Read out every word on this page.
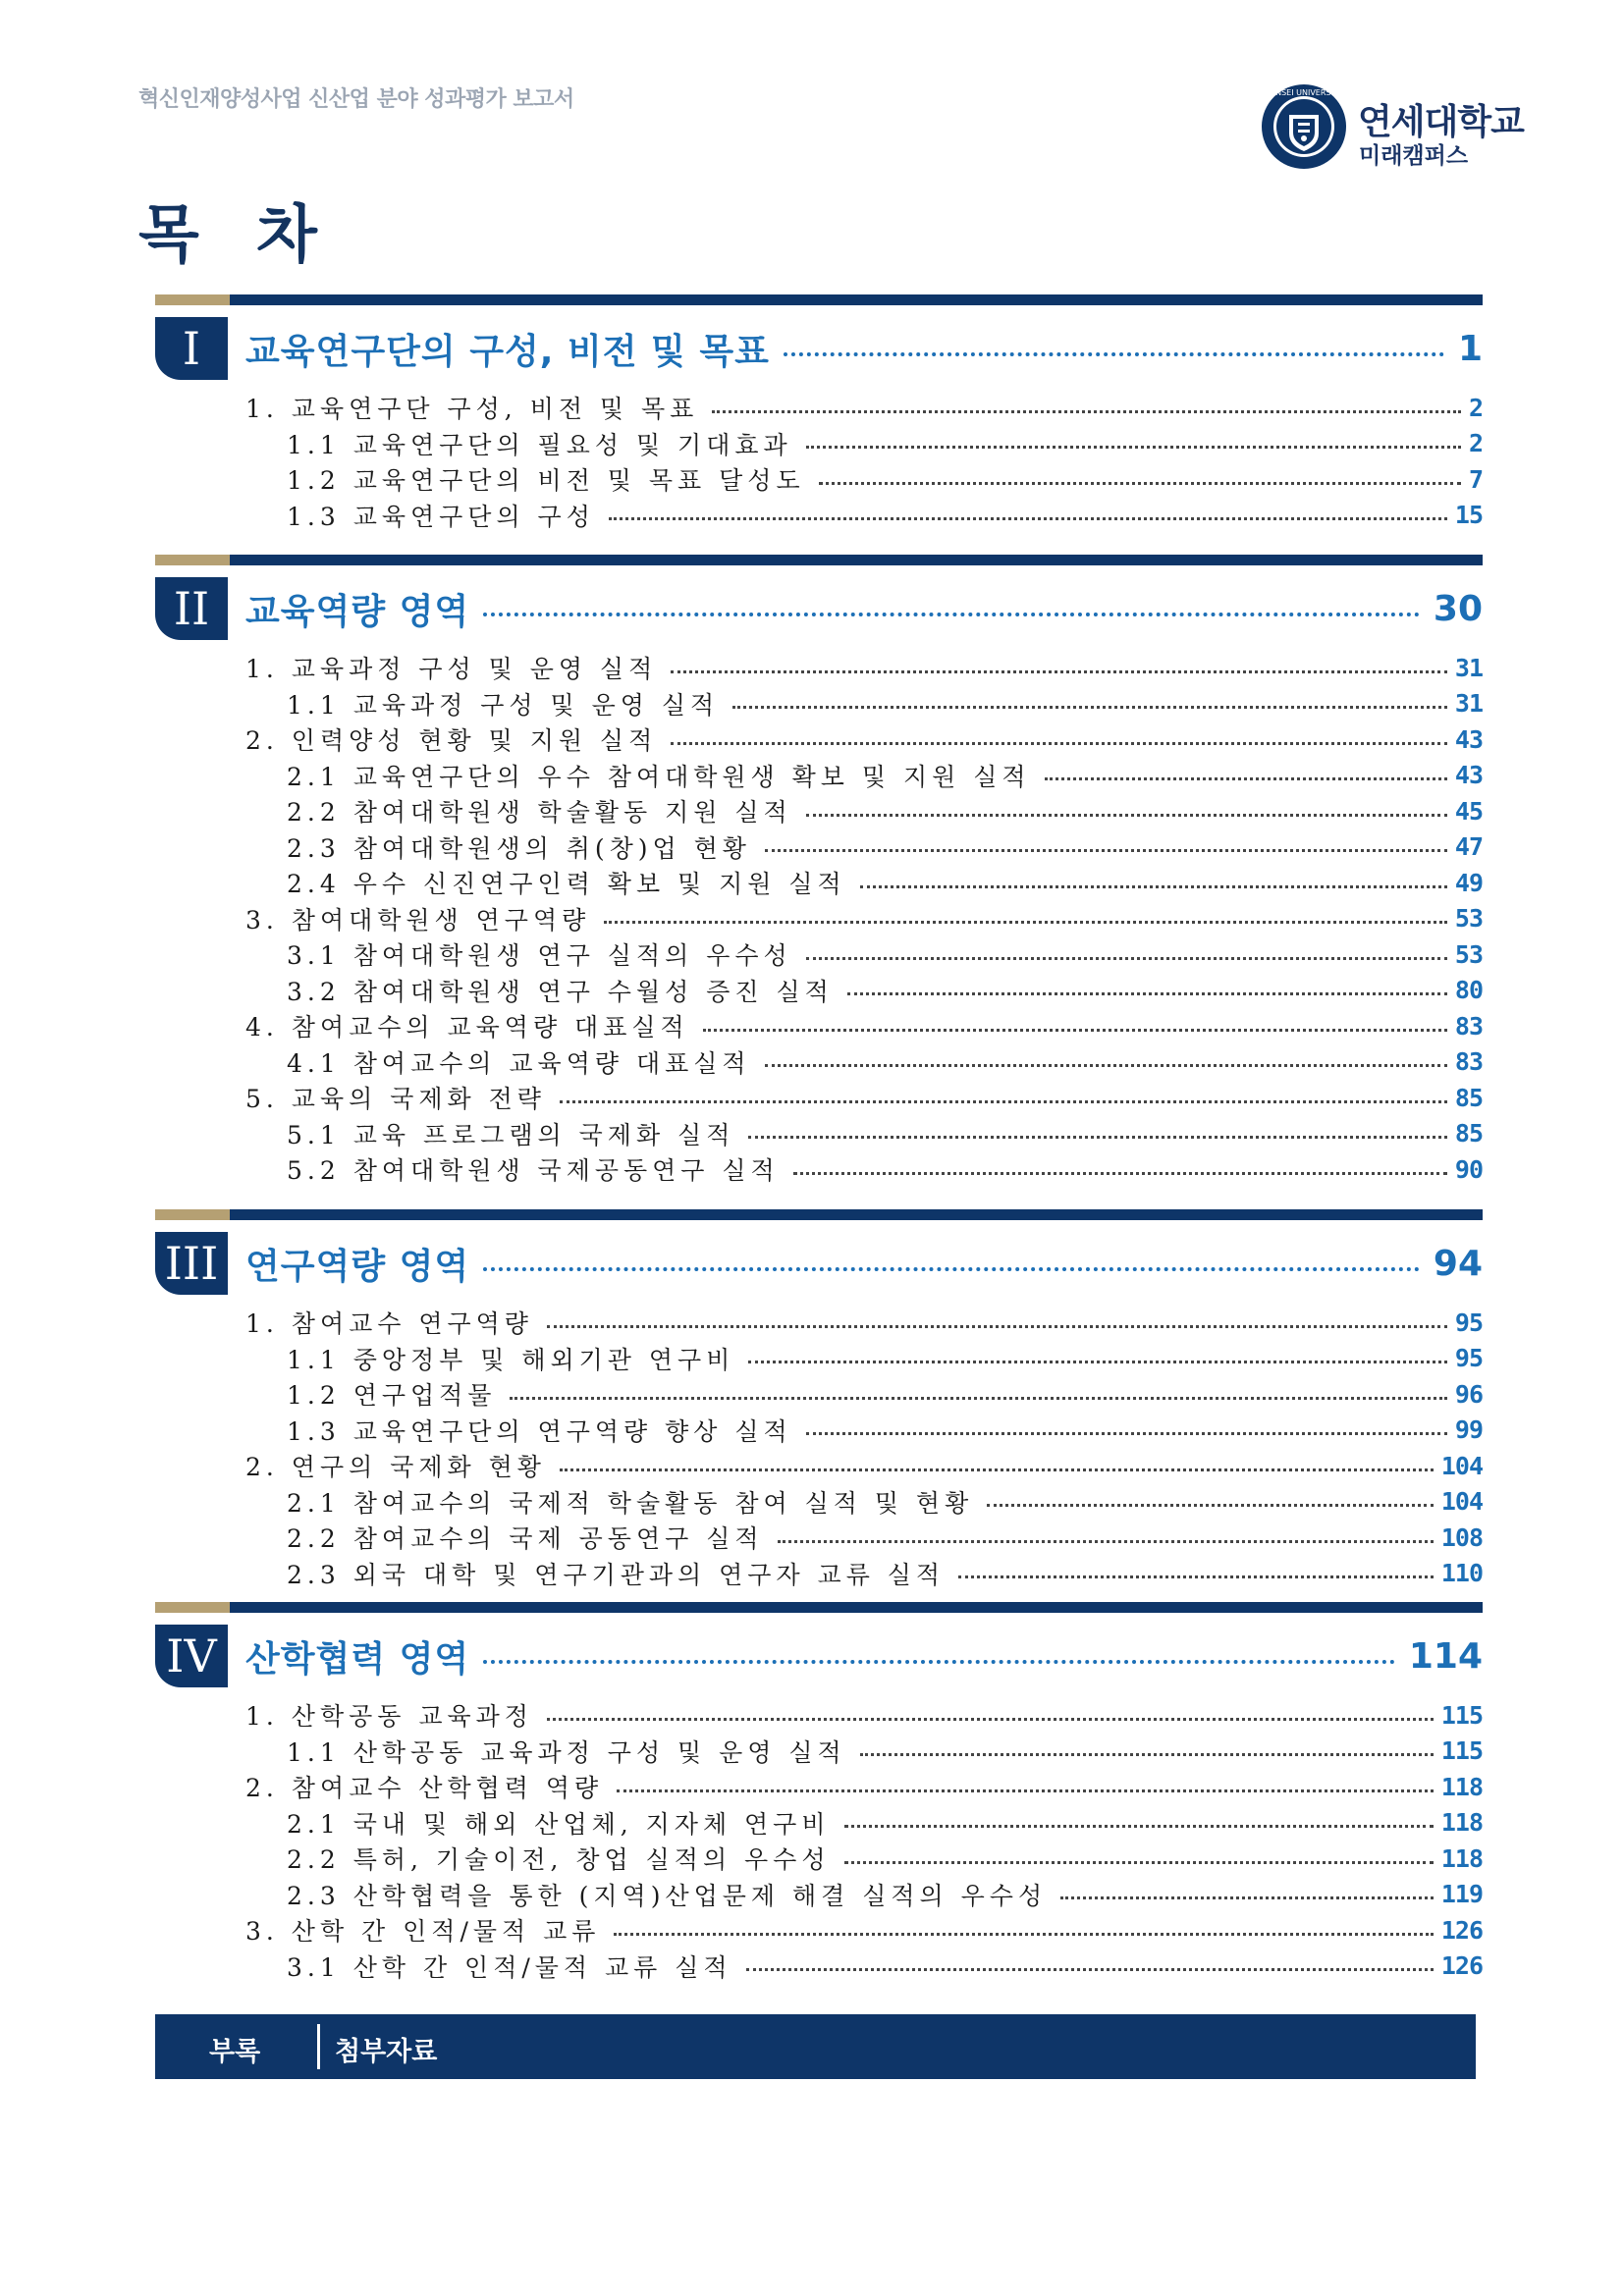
혁신인재양성사업 신산업 분야 성과평가 보고서	YONSEI UNIVERSITY
연세대학교
미래캠퍼스
목 차
I	교육연구단의 구성, 비전 및 목표	1
1. 교육연구단 구성, 비전 및 목표	2
1.1 교육연구단의 필요성 및 기대효과	2
1.2 교육연구단의 비전 및 목표 달성도	7
1.3 교육연구단의 구성	15
II	교육역량 영역	30
1. 교육과정 구성 및 운영 실적	31
1.1 교육과정 구성 및 운영 실적	31
2. 인력양성 현황 및 지원 실적	43
2.1 교육연구단의 우수 참여대학원생 확보 및 지원 실적	43
2.2 참여대학원생 학술활동 지원 실적	45
2.3 참여대학원생의 취(창)업 현황	47
2.4 우수 신진연구인력 확보 및 지원 실적	49
3. 참여대학원생 연구역량	53
3.1 참여대학원생 연구 실적의 우수성	53
3.2 참여대학원생 연구 수월성 증진 실적	80
4. 참여교수의 교육역량 대표실적	83
4.1 참여교수의 교육역량 대표실적	83
5. 교육의 국제화 전략	85
5.1 교육 프로그램의 국제화 실적	85
5.2 참여대학원생 국제공동연구 실적	90
III 연구역량 영역	94
1. 참여교수 연구역량	95
1.1 중앙정부 및 해외기관 연구비	95
1.2 연구업적물	96
1.3 교육연구단의 연구역량 향상 실적	99
2. 연구의 국제화 현황	104
2.1 참여교수의 국제적 학술활동 참여 실적 및 현황	104
2.2 참여교수의 국제 공동연구 실적	108
2.3 외국 대학 및 연구기관과의 연구자 교류 실적	110
IV 산학협력 영역	114
1. 산학공동 교육과정	115
1.1 산학공동 교육과정 구성 및 운영 실적	115
2. 참여교수 산학협력 역량	118
2.1 국내 및 해외 산업체, 지자체 연구비	118
2.2 특허, 기술이전, 창업 실적의 우수성	118
2.3 산학협력을 통한 (지역)산업문제 해결 실적의 우수성	119
3. 산학 간 인적/물적 교류	126
3.1 산학 간 인적/물적 교류 실적	126
부록	첨부자료
